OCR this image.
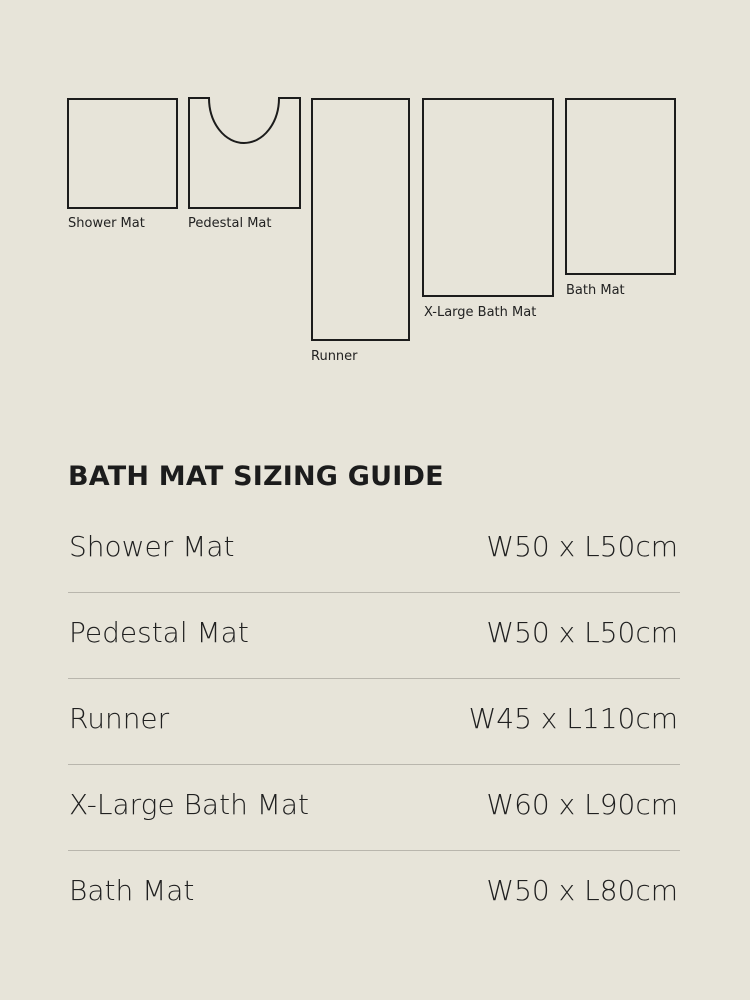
Shower Mat	Pedestal Mat
Runner
X-Large Bath Mat
Bath Mat
BATH MAT SIZING GUIDE
Shower Mat	W50 x L50cm
Pedestal Mat	W50 x L50cm
Runner	W45 x L110cm
X-Large Bath Mat	W60 x L90cm
Bath Mat	W50 x L80cm
